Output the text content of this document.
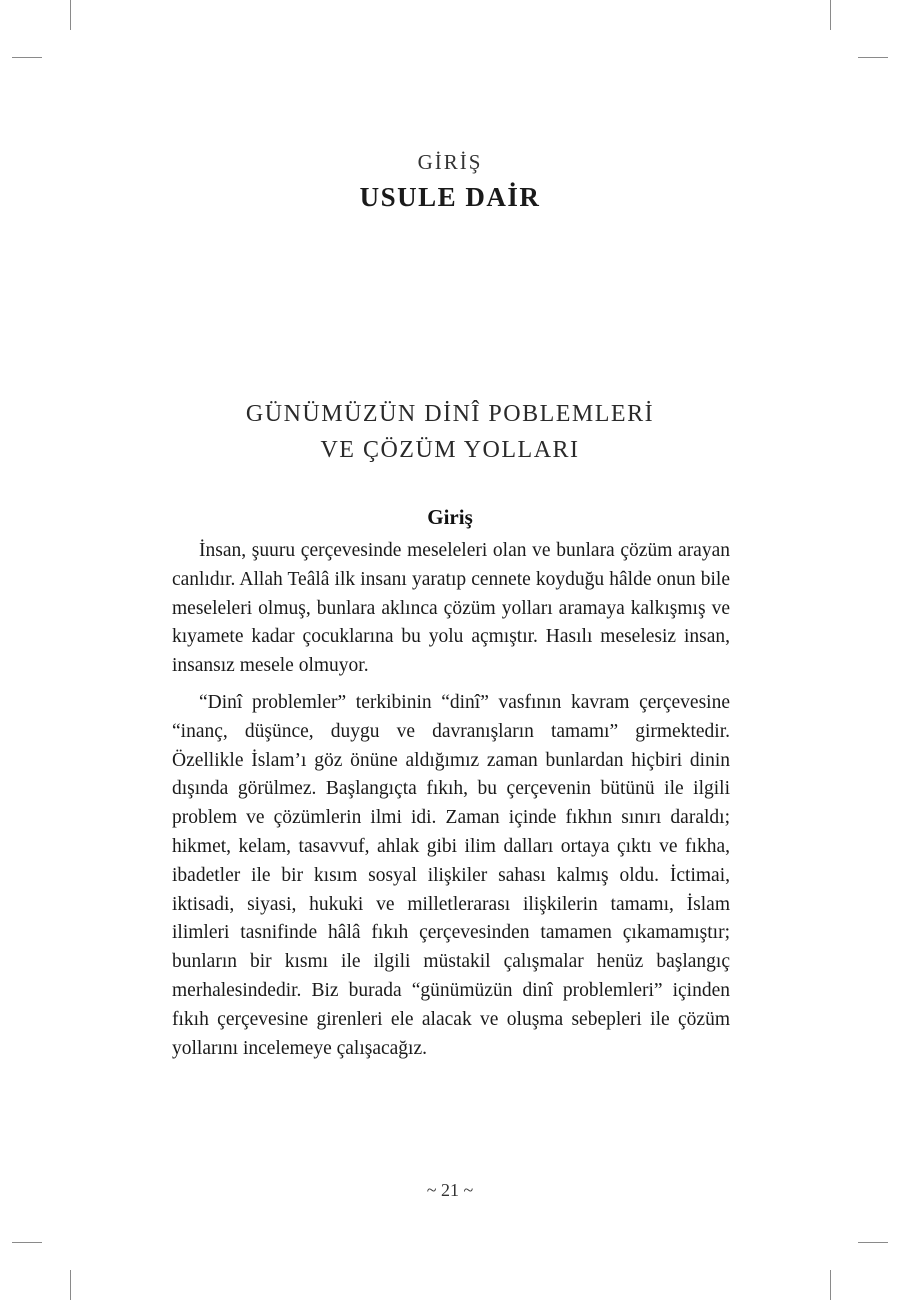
GİRİŞ
USULE DAİR
GÜNÜMÜZÜN DİNÎ POBLEMLERİ
VE ÇÖZÜM YOLLARI
Giriş

İnsan, şuuru çerçevesinde meseleleri olan ve bunlara çözüm arayan canlıdır. Allah Teâlâ ilk insanı yaratıp cennete koyduğu hâlde onun bile meseleleri olmuş, bunlara aklınca çözüm yolları aramaya kalkışmış ve kıyamete kadar çocuklarına bu yolu açmıştır. Hasılı meselesiz insan, insansız mesele olmuyor.

“Dinî problemler” terkibinin “dinî” vasfının kavram çerçevesine “inanç, düşünce, duygu ve davranışların tamamı” girmektedir. Özellikle İslam’ı göz önüne aldığımız zaman bunlardan hiçbiri dinin dışında görülmez. Başlangıçta fıkıh, bu çerçevenin bütünü ile ilgili problem ve çözümlerin ilmi idi. Zaman içinde fıkhın sınırı daraldı; hikmet, kelam, tasavvuf, ahlak gibi ilim dalları ortaya çıktı ve fıkha, ibadetler ile bir kısım sosyal ilişkiler sahası kalmış oldu. İctimai, iktisadi, siyasi, hukuki ve milletlerarası ilişkilerin tamamı, İslam ilimleri tasnifinde hâlâ fıkıh çerçevesinden tamamen çıkamamıştır; bunların bir kısmı ile ilgili müstakil çalışmalar henüz başlangıç merhalesindedir. Biz burada “günümüzün dinî problemleri” içinden fıkıh çerçevesine girenleri ele alacak ve oluşma sebepleri ile çözüm yollarını incelemeye çalışacağız.

~ 21 ~
